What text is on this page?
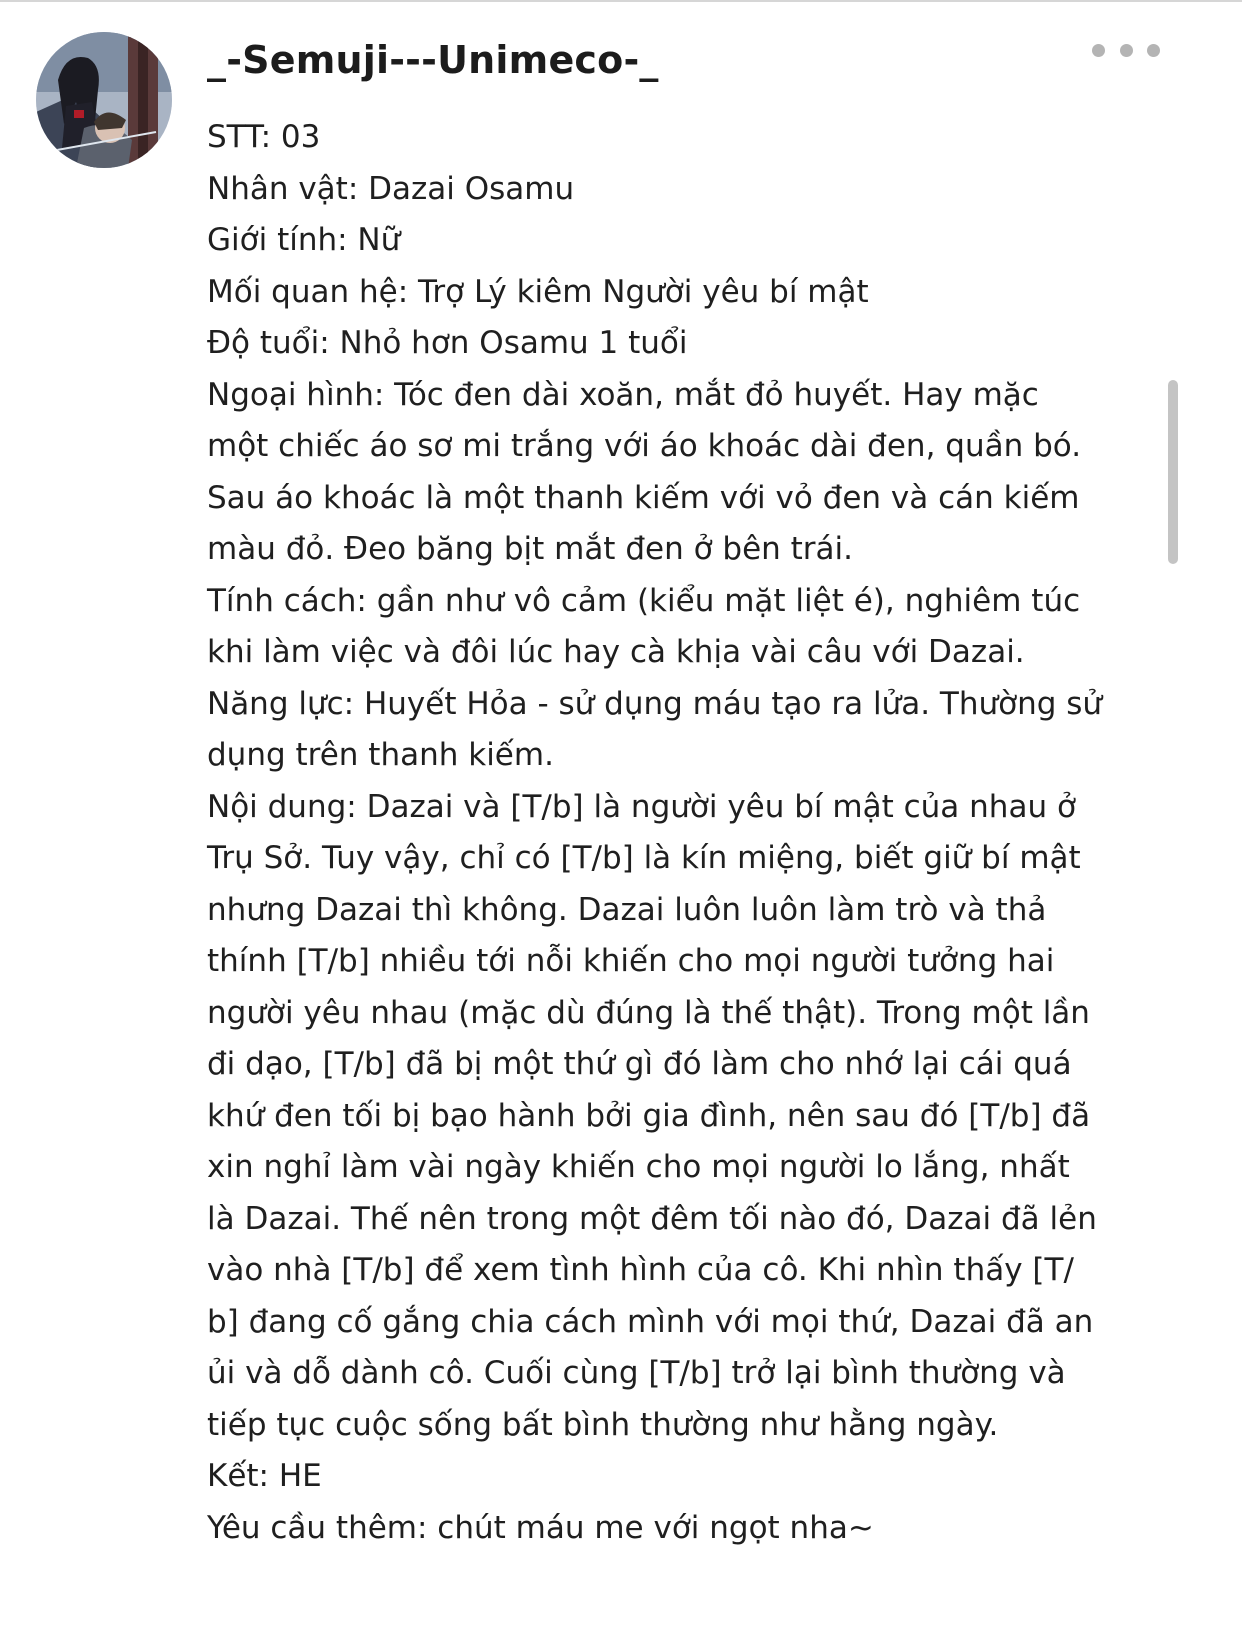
_-Semuji---Unimeco-_
STT: 03
Nhân vật: Dazai Osamu
Giới tính: Nữ
Mối quan hệ: Trợ Lý kiêm Người yêu bí mật
Độ tuổi: Nhỏ hơn Osamu 1 tuổi
Ngoại hình: Tóc đen dài xoăn, mắt đỏ huyết. Hay mặc
một chiếc áo sơ mi trắng với áo khoác dài đen, quần bó.
Sau áo khoác là một thanh kiếm với vỏ đen và cán kiếm
màu đỏ. Đeo băng bịt mắt đen ở bên trái.
Tính cách: gần như vô cảm (kiểu mặt liệt é), nghiêm túc
khi làm việc và đôi lúc hay cà khịa vài câu với Dazai.
Năng lực: Huyết Hỏa - sử dụng máu tạo ra lửa. Thường sử
dụng trên thanh kiếm.
Nội dung: Dazai và [T/b] là người yêu bí mật của nhau ở
Trụ Sở. Tuy vậy, chỉ có [T/b] là kín miệng, biết giữ bí mật
nhưng Dazai thì không. Dazai luôn luôn làm trò và thả
thính [T/b] nhiều tới nỗi khiến cho mọi người tưởng hai
người yêu nhau (mặc dù đúng là thế thật). Trong một lần
đi dạo, [T/b] đã bị một thứ gì đó làm cho nhớ lại cái quá
khứ đen tối bị bạo hành bởi gia đình, nên sau đó [T/b] đã
xin nghỉ làm vài ngày khiến cho mọi người lo lắng, nhất
là Dazai. Thế nên trong một đêm tối nào đó, Dazai đã lẻn
vào nhà [T/b] để xem tình hình của cô. Khi nhìn thấy [T/
b] đang cố gắng chia cách mình với mọi thứ, Dazai đã an
ủi và dỗ dành cô. Cuối cùng [T/b] trở lại bình thường và
tiếp tục cuộc sống bất bình thường như hằng ngày.
Kết: HE
Yêu cầu thêm: chút máu me với ngọt nha~
